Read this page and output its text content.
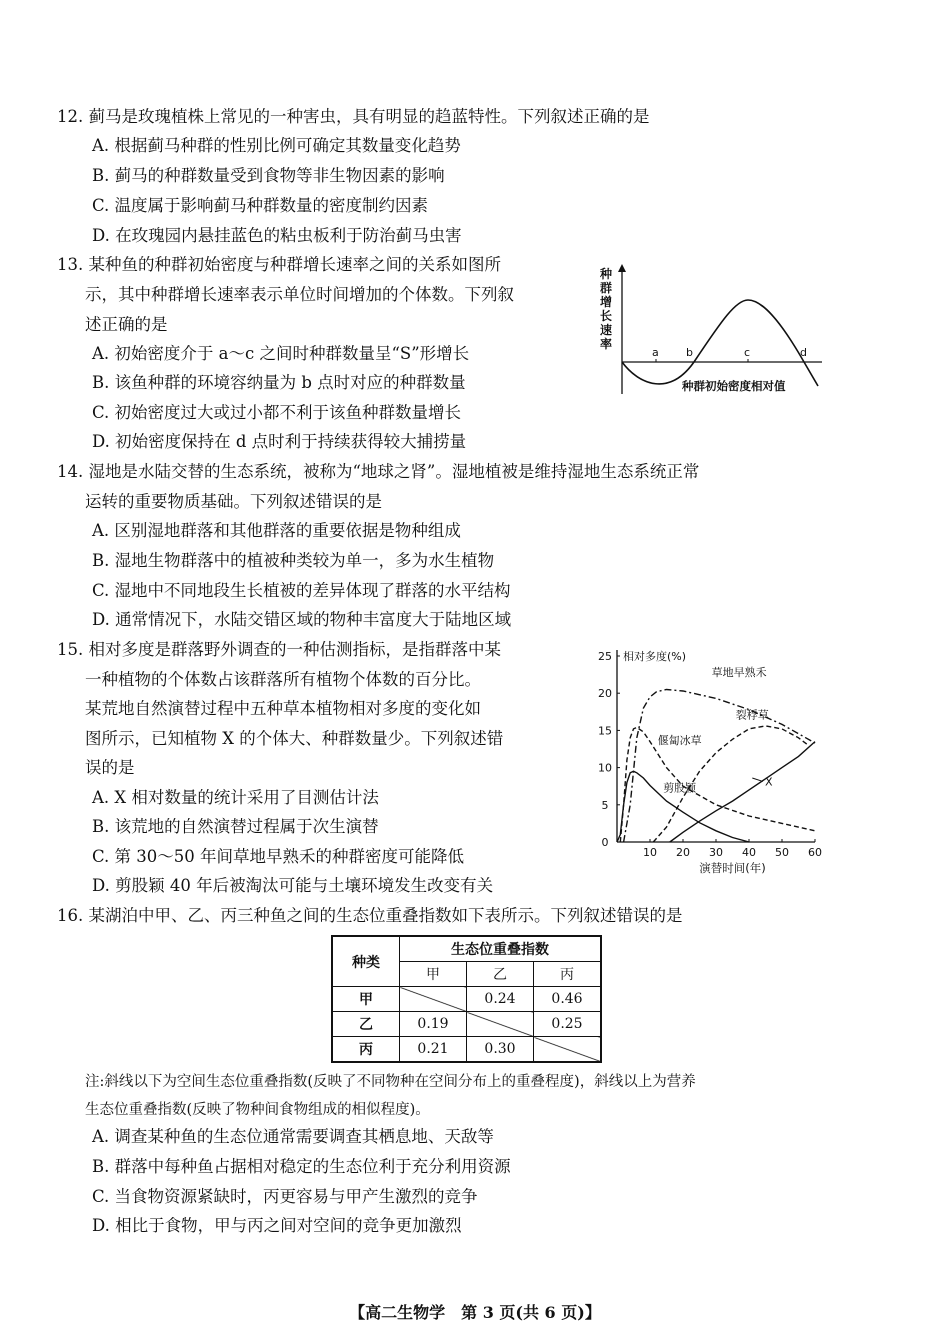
12. 蓟马是玫瑰植株上常见的一种害虫，具有明显的趋蓝特性。下列叙述正确的是
A. 根据蓟马种群的性别比例可确定其数量变化趋势
B. 蓟马的种群数量受到食物等非生物因素的影响
C. 温度属于影响蓟马种群数量的密度制约因素
D. 在玫瑰园内悬挂蓝色的粘虫板利于防治蓟马虫害
13. 某种鱼的种群初始密度与种群增长速率之间的关系如图所
示，其中种群增长速率表示单位时间增加的个体数。下列叙
述正确的是
A. 初始密度介于 a～c 之间时种群数量呈“S”形增长
B. 该鱼种群的环境容纳量为 b 点时对应的种群数量
C. 初始密度过大或过小都不利于该鱼种群数量增长
D. 初始密度保持在 d 点时利于持续获得较大捕捞量
种
群
增
长
速
率
a b	c	d
种群初始密度相对值
14. 湿地是水陆交替的生态系统，被称为“地球之肾”。湿地植被是维持湿地生态系统正常
运转的重要物质基础。下列叙述错误的是
A. 区别湿地群落和其他群落的重要依据是物种组成
B. 湿地生物群落中的植被种类较为单一，多为水生植物
C. 湿地中不同地段生长植被的差异体现了群落的水平结构
D. 通常情况下，水陆交错区域的物种丰富度大于陆地区域
15. 相对多度是群落野外调查的一种估测指标，是指群落中某
一种植物的个体数占该群落所有植物个体数的百分比。
某荒地自然演替过程中五种草本植物相对多度的变化如
图所示，已知植物 X 的个体大、种群数量少。下列叙述错
误的是
A. X 相对数量的统计采用了目测估计法
B. 该荒地的自然演替过程属于次生演替
C. 第 30～50 年间草地早熟禾的种群密度可能降低
D. 剪股颖 40 年后被淘汰可能与土壤环境发生改变有关
0
5
10
15
20
25
10 20 30 40 50 60
相对多度(%)
演替时间(年)
草地早熟禾
偃匐冰草
裂稃草
剪股颖	X
16. 某湖泊中甲、乙、丙三种鱼之间的生态位重叠指数如下表所示。下列叙述错误的是
种类	生态位重叠指数		
	甲	乙	丙
甲		0.24	0.46
乙	0.19		0.25
丙	0.21	0.30	
注:斜线以下为空间生态位重叠指数(反映了不同物种在空间分布上的重叠程度)，斜线以上为营养
生态位重叠指数(反映了物种间食物组成的相似程度)。
A. 调查某种鱼的生态位通常需要调查其栖息地、天敌等
B. 群落中每种鱼占据相对稳定的生态位利于充分利用资源
C. 当食物资源紧缺时，丙更容易与甲产生激烈的竞争
D. 相比于食物，甲与丙之间对空间的竞争更加激烈
【高二生物学　第 3 页(共 6 页)】
